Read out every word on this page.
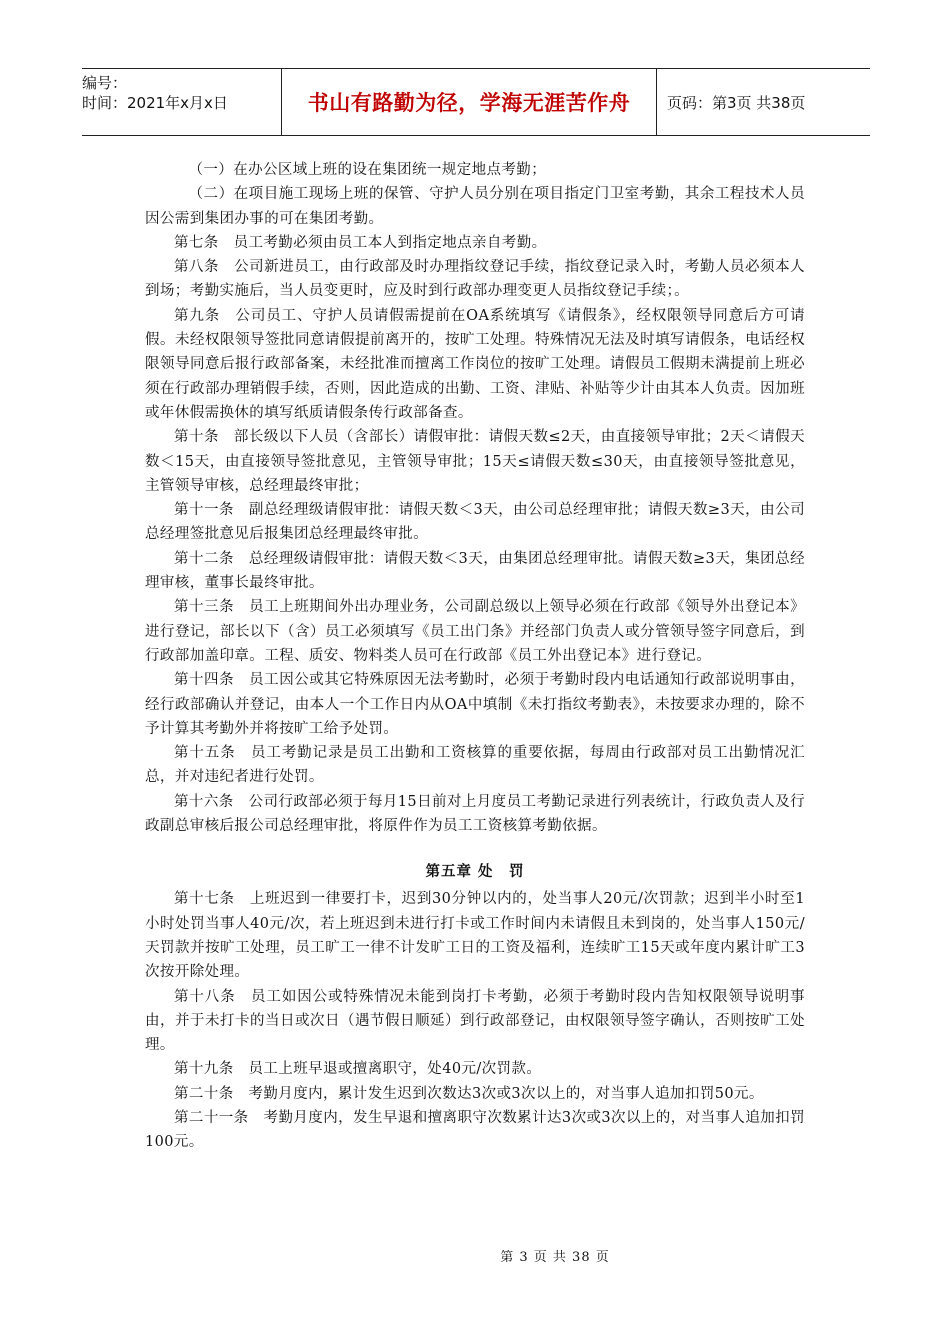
编号：
时间：2021年x月x日	书山有路勤为径，学海无涯苦作舟	页码：第3页 共38页

（一）在办公区域上班的设在集团统一规定地点考勤；

（二）在项目施工现场上班的保管、守护人员分别在项目指定门卫室考勤，其余工程技术人员因公需到集团办事的可在集团考勤。

第七条　员工考勤必须由员工本人到指定地点亲自考勤。

第八条　公司新进员工，由行政部及时办理指纹登记手续，指纹登记录入时，考勤人员必须本人到场；考勤实施后，当人员变更时，应及时到行政部办理变更人员指纹登记手续；。

第九条　公司员工、守护人员请假需提前在OA系统填写《请假条》，经权限领导同意后方可请假。未经权限领导签批同意请假提前离开的，按旷工处理。特殊情况无法及时填写请假条，电话经权限领导同意后报行政部备案，未经批准而擅离工作岗位的按旷工处理。请假员工假期未满提前上班必须在行政部办理销假手续，否则，因此造成的出勤、工资、津贴、补贴等少计由其本人负责。因加班或年休假需换休的填写纸质请假条传行政部备查。

第十条　部长级以下人员（含部长）请假审批：请假天数≤2天，由直接领导审批；2天＜请假天数＜15天，由直接领导签批意见，主管领导审批；15天≤请假天数≤30天，由直接领导签批意见，主管领导审核，总经理最终审批；

第十一条　副总经理级请假审批：请假天数＜3天，由公司总经理审批；请假天数≥3天，由公司总经理签批意见后报集团总经理最终审批。

第十二条　总经理级请假审批：请假天数＜3天，由集团总经理审批。请假天数≥3天，集团总经理审核，董事长最终审批。

第十三条　员工上班期间外出办理业务，公司副总级以上领导必须在行政部《领导外出登记本》进行登记，部长以下（含）员工必须填写《员工出门条》并经部门负责人或分管领导签字同意后，到行政部加盖印章。工程、质安、物料类人员可在行政部《员工外出登记本》进行登记。

第十四条　员工因公或其它特殊原因无法考勤时，必须于考勤时段内电话通知行政部说明事由，经行政部确认并登记，由本人一个工作日内从OA中填制《未打指纹考勤表》，未按要求办理的，除不予计算其考勤外并将按旷工给予处罚。

第十五条　员工考勤记录是员工出勤和工资核算的重要依据，每周由行政部对员工出勤情况汇总，并对违纪者进行处罚。

第十六条　公司行政部必须于每月15日前对上月度员工考勤记录进行列表统计，行政负责人及行政副总审核后报公司总经理审批，将原件作为员工工资核算考勤依据。

第五章 处　罚

第十七条　上班迟到一律要打卡，迟到30分钟以内的，处当事人20元/次罚款；迟到半小时至1小时处罚当事人40元/次，若上班迟到未进行打卡或工作时间内未请假且未到岗的，处当事人150元/天罚款并按旷工处理，员工旷工一律不计发旷工日的工资及福利，连续旷工15天或年度内累计旷工3次按开除处理。

第十八条　员工如因公或特殊情况未能到岗打卡考勤，必须于考勤时段内告知权限领导说明事由，并于未打卡的当日或次日（遇节假日顺延）到行政部登记，由权限领导签字确认，否则按旷工处理。

第十九条　员工上班早退或擅离职守，处40元/次罚款。

第二十条　考勤月度内，累计发生迟到次数达3次或3次以上的，对当事人追加扣罚50元。

第二十一条　考勤月度内，发生早退和擅离职守次数累计达3次或3次以上的，对当事人追加扣罚100元。

第 3 页 共 38 页
